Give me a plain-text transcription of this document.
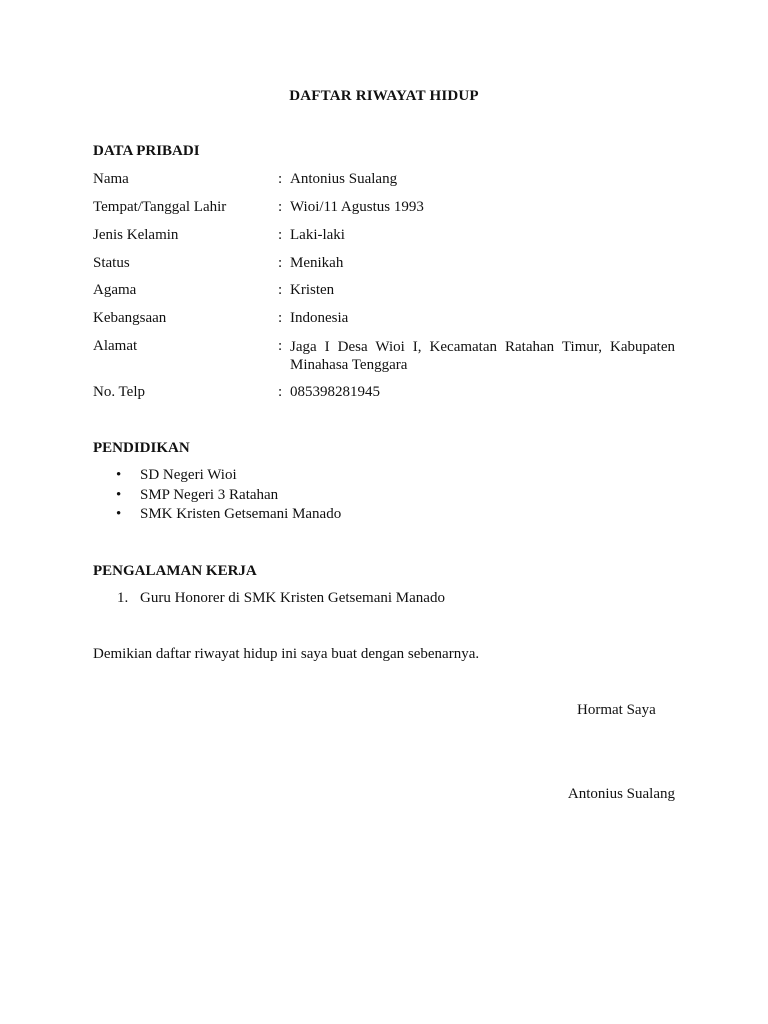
DAFTAR RIWAYAT HIDUP
DATA PRIBADI
Nama	: Antonius Sualang
Tempat/Tanggal Lahir	: Wioi/11 Agustus 1993
Jenis Kelamin	: Laki-laki
Status	: Menikah
Agama	: Kristen
Kebangsaan	: Indonesia
Alamat	: Jaga I Desa Wioi I, Kecamatan Ratahan Timur, Kabupaten Minahasa Tenggara
No. Telp	: 085398281945
PENDIDIKAN
• SD Negeri Wioi
• SMP Negeri 3 Ratahan
• SMK Kristen Getsemani Manado
PENGALAMAN KERJA
1. Guru Honorer di SMK Kristen Getsemani Manado
Demikian daftar riwayat hidup ini saya buat dengan sebenarnya.
Hormat Saya
Antonius Sualang
